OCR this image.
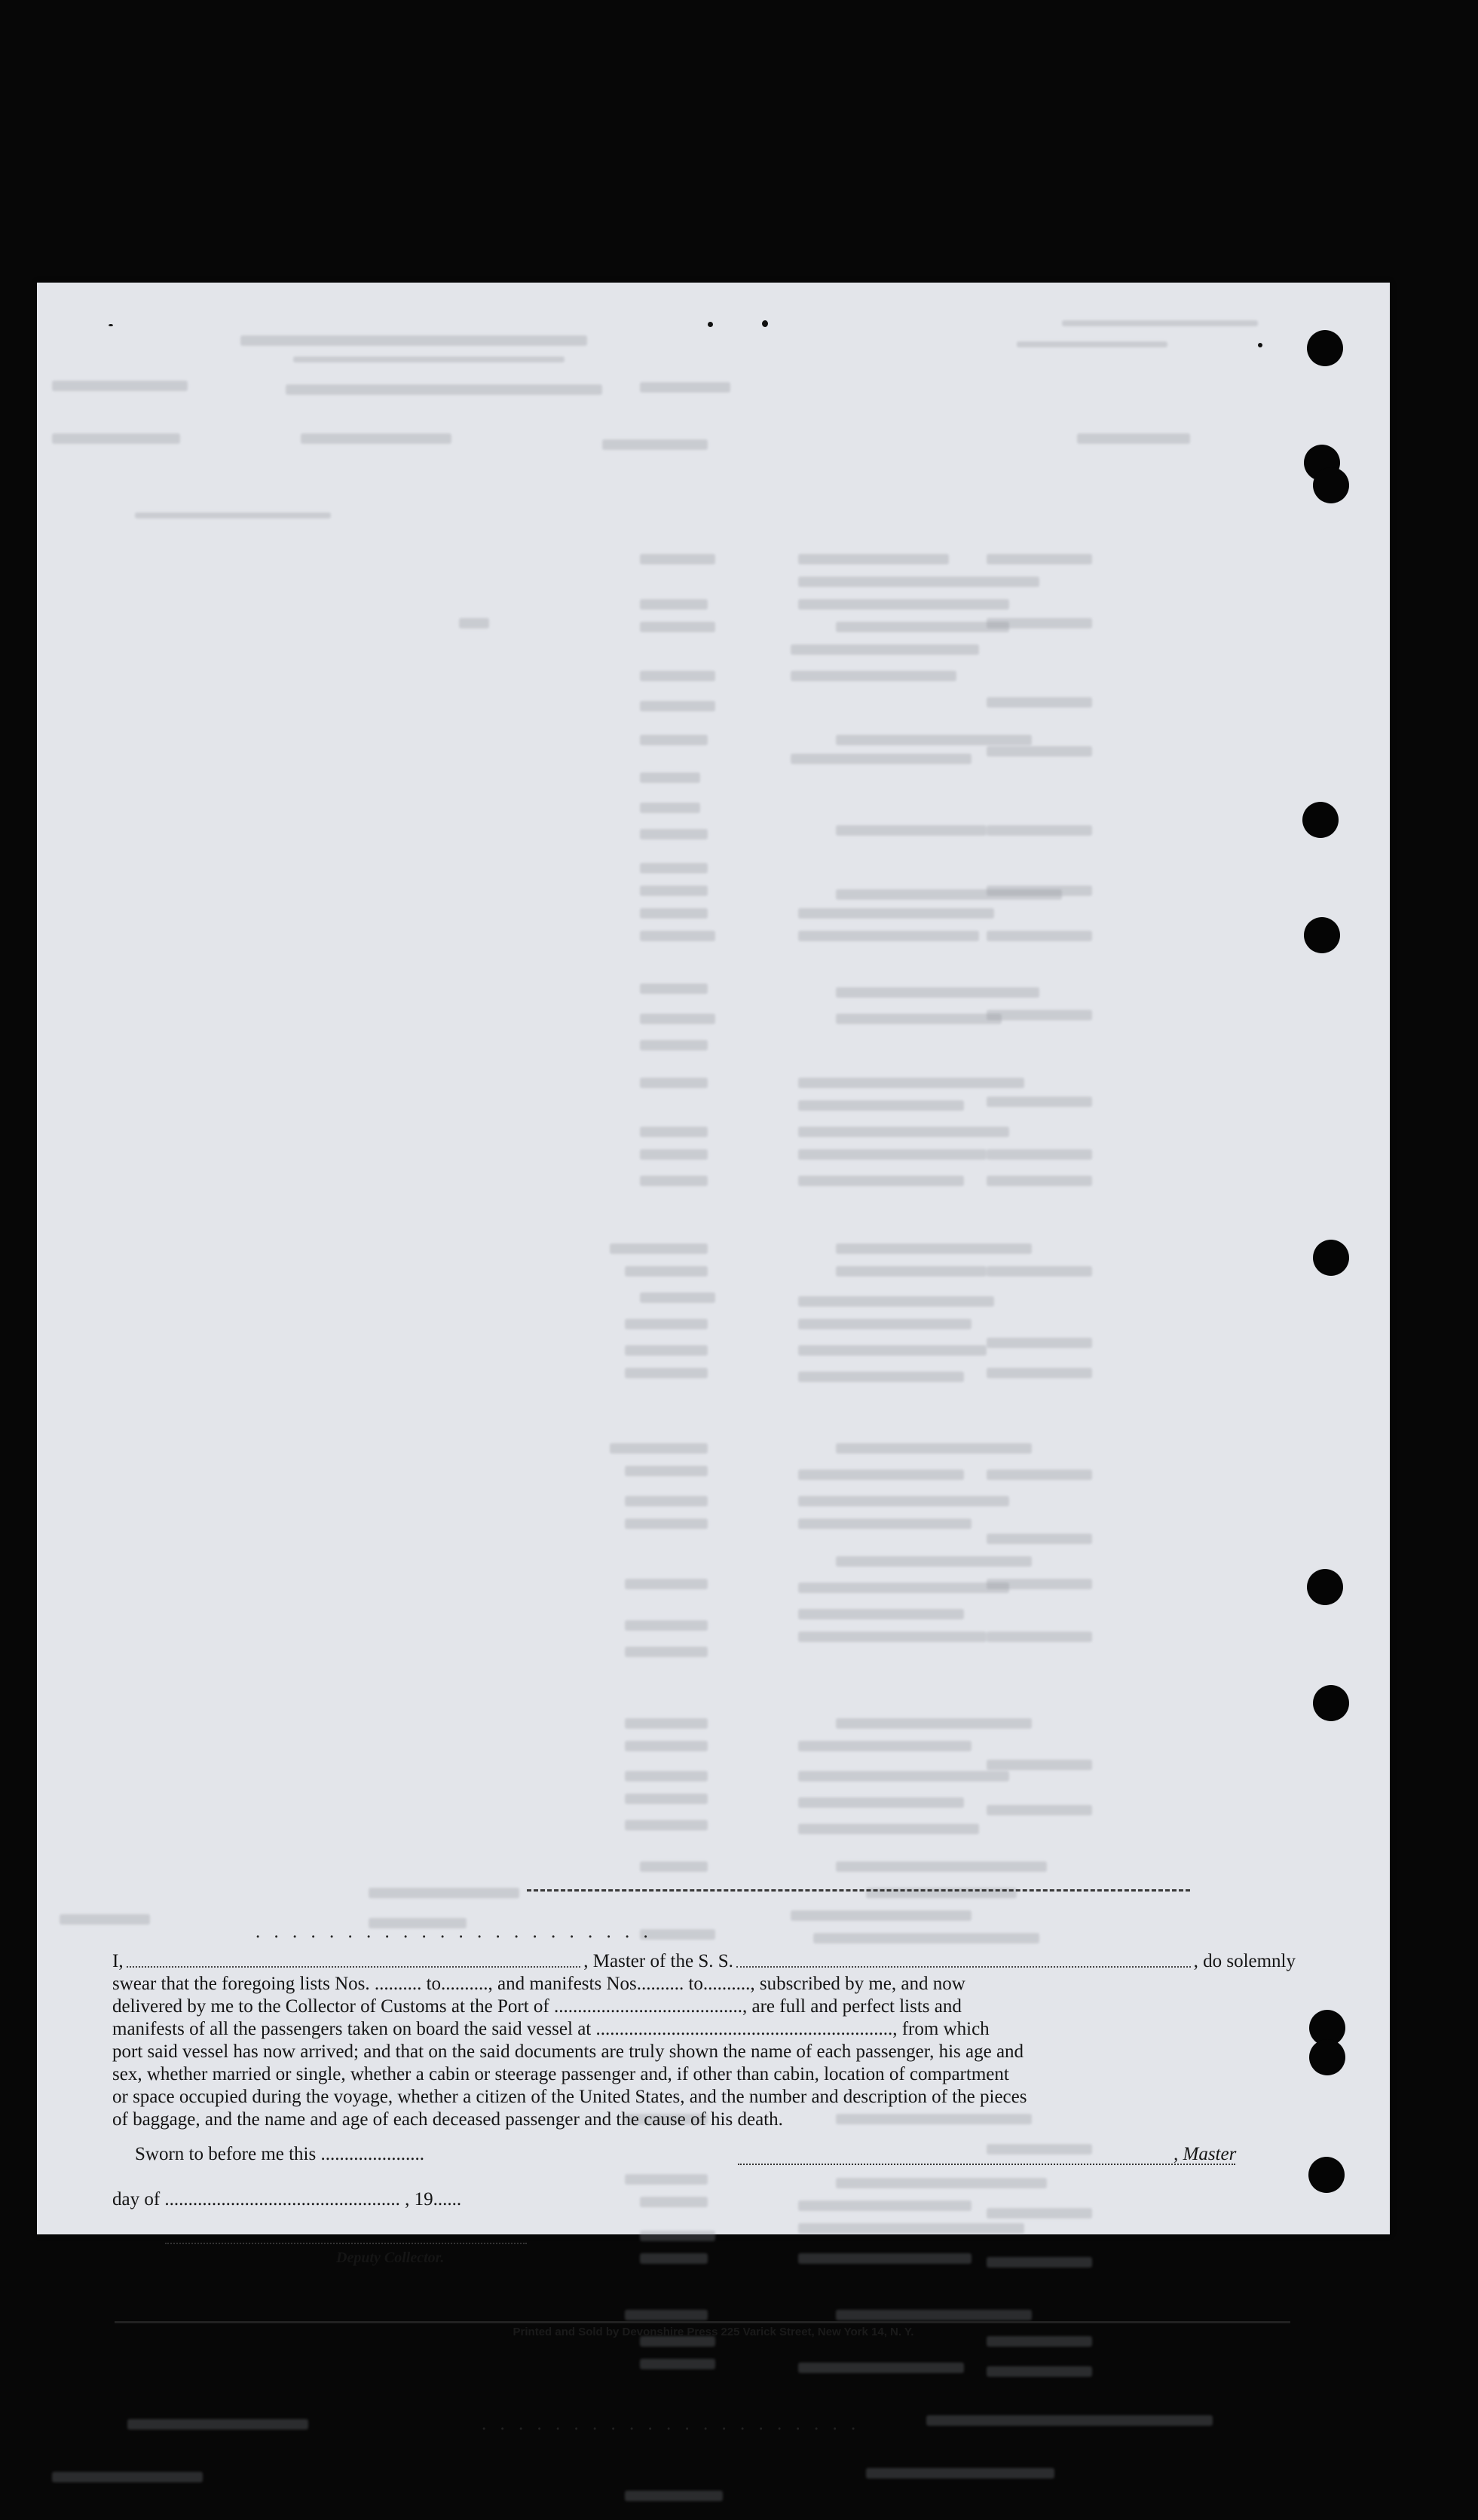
. . . . . . . . . . . . . . . . . . . . . .
I,	, Master of the S. S.	, do solemnly
swear that the foregoing lists Nos. .......... to.........., and manifests Nos.......... to.........., subscribed by me, and now
delivered by me to the Collector of Customs at the Port of ........................................, are full and perfect lists and
manifests of all the passengers taken on board the said vessel at ..............................................................., from which
port said vessel has now arrived; and that on the said documents are truly shown the name of each passenger, his age and
sex, whether married or single, whether a cabin or steerage passenger and, if other than cabin, location of compartment
or space occupied during the voyage, whether a citizen of the United States, and the number and description of the pieces
of baggage, and the name and age of each deceased passenger and the cause of his death.
Sworn to before me this ......................	, Master
day of .................................................. , 19......
Deputy Collector.
Printed and Sold by Devonshire Press 225 Varick Street, New York 14, N. Y.
. . . . . . . . . . . . . . . . . . . . .
